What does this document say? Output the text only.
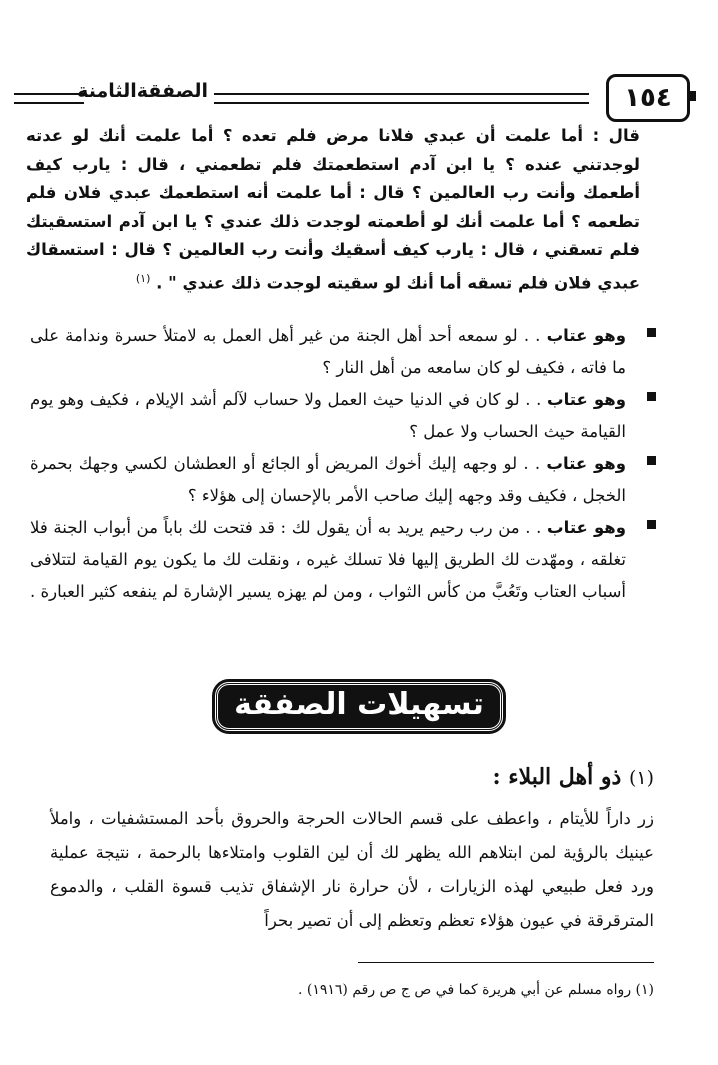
الصفقةالثامنة	١٥٤
قال : أما علمت أن عبدي فلانا مرض فلم تعده ؟ أما علمت أنك لو عدته لوجدتني عنده ؟ يا ابن آدم استطعمتك فلم تطعمني ، قال : يارب كيف أطعمك وأنت رب العالمين ؟ قال : أما علمت أنه استطعمك عبدي فلان فلم تطعمه ؟ أما علمت أنك لو أطعمته لوجدت ذلك عندي ؟ يا ابن آدم استسقيتك فلم تسقني ، قال : يارب كيف أسقيك وأنت رب العالمين ؟ قال : استسقاك عبدي فلان فلم تسقه أما أنك لو سقيته لوجدت ذلك عندي " . $^{(١)}$
وهو عتاب . . لو سمعه أحد أهل الجنة من غير أهل العمل به لامتلأ حسرة وندامة على ما فاته ، فكيف لو كان سامعه من أهل النار ؟
وهو عتاب . . لو كان في الدنيا حيث العمل ولا حساب لآلم أشد الإيلام ، فكيف وهو يوم القيامة حيث الحساب ولا عمل ؟
وهو عتاب . . لو وجهه إليك أخوك المريض أو الجائع أو العطشان لكسي وجهك بحمرة الخجل ، فكيف وقد وجهه إليك صاحب الأمر بالإحسان إلى هؤلاء ؟
وهو عتاب . . من رب رحيم يريد به أن يقول لك : قد فتحت لك باباً من أبواب الجنة فلا تغلقه ، ومهّدت لك الطريق إليها فلا تسلك غيره ، ونقلت لك ما يكون يوم القيامة لتتلافى أسباب العتاب وتَعُبَّ من كأس الثواب ، ومن لم يهزه يسير الإشارة لم ينفعه كثير العبارة .
تسهيلات الصفقة
(١) ذو أهل البلاء :
زر داراً للأيتام ، واعطف على قسم الحالات الحرجة والحروق بأحد المستشفيات ، واملأ عينيك بالرؤية لمن ابتلاهم الله يظهر لك أن لين القلوب وامتلاءها بالرحمة ، نتيجة عملية ورد فعل طبيعي لهذه الزيارات ، لأن حرارة نار الإشفاق تذيب قسوة القلب ، والدموع المترقرقة في عيون هؤلاء تعظم وتعظم إلى أن تصير بحراً
(١) رواه مسلم عن أبي هريرة كما في ص ج ص رقم (١٩١٦) .
